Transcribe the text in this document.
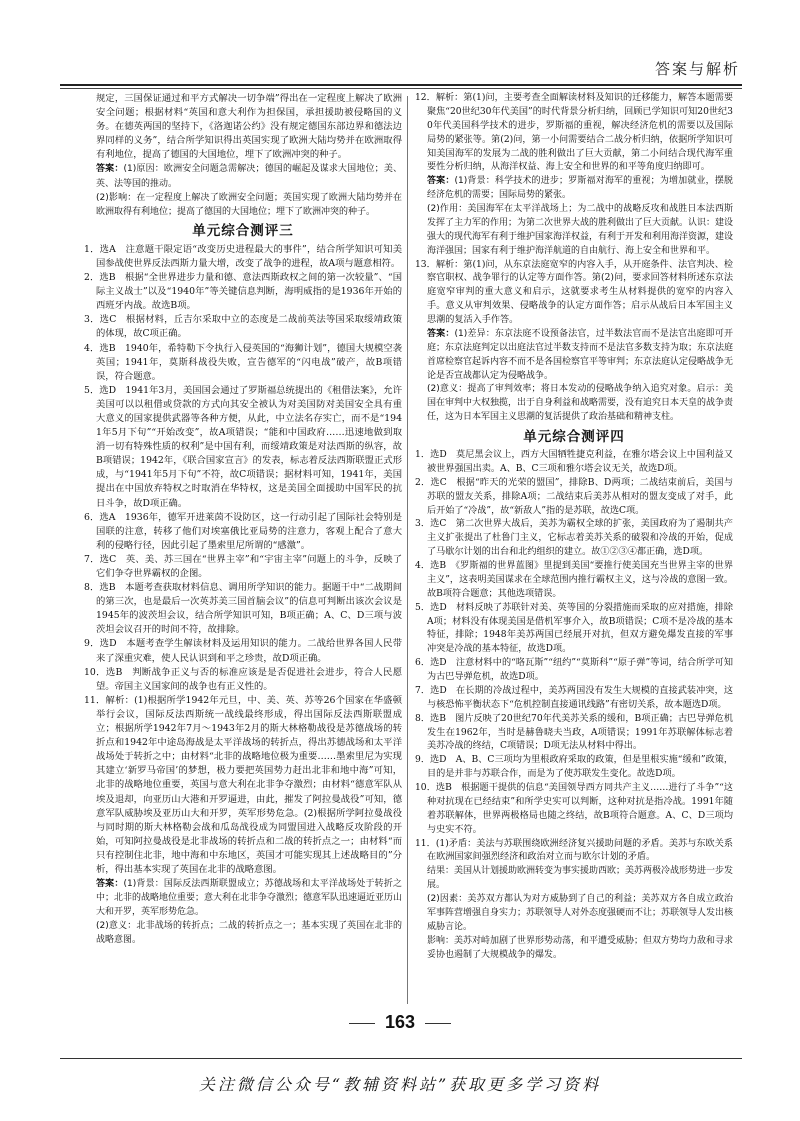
答案与解析

规定，三国保证通过和平方式解决一切争端”得出在一定程度上解决了欧洲安全问题；根据材料“英国和意大利作为担保国，承担援助被侵略国的义务。在德英两国的坚持下，《洛迦诺公约》没有规定德国东部边界和德法边界同样的义务”，结合所学知识得出英国实现了欧洲大陆均势并在欧洲取得有利地位，提高了德国的大国地位，埋下了欧洲冲突的种子。

答案：(1)原因：欧洲安全问题急需解决；德国的崛起及谋求大国地位；美、英、法等国的推动。

(2)影响：在一定程度上解决了欧洲安全问题；英国实现了欧洲大陆均势并在欧洲取得有利地位；提高了德国的大国地位；埋下了欧洲冲突的种子。

单元综合测评三

1．选A　注意题干限定语“改变历史进程最大的事件”，结合所学知识可知美国参战使世界反法西斯力量大增，改变了战争的进程，故A项与题意相符。

2．选B　根据“全世界进步力量和德、意法西斯政权之间的第一次较量”、“国际主义战士”以及“1940年”等关键信息判断，海明威指的是1936年开始的西班牙内战。故选B项。

3．选C　根据材料，丘吉尔采取中立的态度是二战前英法等国采取绥靖政策的体现，故C项正确。

4．选B　1940年，希特勒下令执行入侵英国的“海狮计划”，德国大规模空袭英国；1941年，莫斯科战役失败，宣告德军的“闪电战”破产，故B项错误，符合题意。

5．选D　1941年3月，美国国会通过了罗斯福总统提出的《租借法案》，允许美国可以以租借或贷款的方式向其安全被认为对美国防对美国安全具有重大意义的国家提供武器等各种方便，从此，中立法名存实亡，而不是“1941年5月下旬”“开始改变”，故A项错误；“能和中国政府……迅速地做到取消一切有特殊性质的权利”是中国有利，而绥靖政策是对法西斯的纵容，故B项错误；1942年，《联合国家宣言》的发表，标志着反法西斯联盟正式形成，与“1941年5月下旬”不符，故C项错误；据材料可知，1941年，美国提出在中国放弃特权之时取消在华特权，这是美国全面援助中国军民的抗日斗争，故D项正确。

6．选A　1936年，德军开进莱茵不设防区，这一行动引起了国际社会特别是国联的注意，转移了他们对埃塞俄比亚局势的注意力，客观上配合了意大利的侵略行径，因此引起了墨索里尼所谓的“感激”。

7．选C　英、美、苏三国在“世界主宰”和“宇宙主宰”问题上的斗争，反映了它们争夺世界霸权的企图。

8．选B　本题考查获取材料信息、调用所学知识的能力。据题干中“二战期间的第三次，也是最后一次英苏美三国首脑会议”的信息可判断出该次会议是1945年的波茨坦会议，结合所学知识可知，B项正确；A、C、D三项与波茨坦会议召开的时间不符，故排除。

9．选D　本题考查学生解读材料及运用知识的能力。二战给世界各国人民带来了深重灾难，使人民认识到和平之珍贵，故D项正确。

10．选B　判断战争正义与否的标准应该是是否促进社会进步，符合人民愿望。帝国主义国家间的战争也有正义性的。

11．解析：(1)根据所学1942年元旦，中、美、英、苏等26个国家在华盛顿举行会议，国际反法西斯统一战线最终形成，得出国际反法西斯联盟成立；根据所学1942年7月～1943年2月的斯大林格勒战役是苏德战场的转折点和1942年中途岛海战是太平洋战场的转折点，得出苏德战场和太平洋战场处于转折之中；由材料“北非的战略地位极为重要……墨索里尼为实现其建立‘新罗马帝国’的梦想，极力要把英国势力赶出北非和地中海”可知，北非的战略地位重要，英国与意大利在北非争夺激烈；由材料“德意军队从埃及退却，向亚历山大港和开罗逼进，由此，摧发了阿拉曼战役”可知，德意军队威胁埃及亚历山大和开罗，英军形势危急。(2)根据所学阿拉曼战役与同时期的斯大林格勒会战和瓜岛战役成为同盟国进入战略反攻阶段的开始，可知阿拉曼战役是北非战场的转折点和二战的转折点之一；由材料“而只有控制住北非，地中海和中东地区，英国才可能实现其上述战略目的”分析，得出基本实现了英国在北非的战略意图。

答案：(1)背景：国际反法西斯联盟成立；苏德战场和太平洋战场处于转折之中；北非的战略地位重要；意大利在北非争夺激烈；德意军队迅速逼近亚历山大和开罗，英军形势危急。

(2)意义：北非战场的转折点；二战的转折点之一；基本实现了英国在北非的战略意图。

12．解析：第(1)问，主要考查全面解读材料及知识的迁移能力，解答本题需要聚焦“20世纪30年代美国”的时代背景分析归纳，回顾已学知识可知20世纪30年代美国科学技术的进步，罗斯福的重视，解决经济危机的需要以及国际局势的紧张等。第(2)问，第一小问需要结合二战分析归纳，依据所学知识可知美国海军的发展为二战的胜利做出了巨大贡献，第二小问结合现代海军重要性分析归纳，从海洋权益、海上安全和世界的和平等角度归纳即可。

答案：(1)背景：科学技术的进步；罗斯福对海军的重视；为增加就业，摆脱经济危机的需要；国际局势的紧张。

(2)作用：美国海军在太平洋战场上；为二战中的战略反攻和战胜日本法西斯发挥了主力军的作用；为第二次世界大战的胜利做出了巨大贡献。认识：建设强大的现代海军有利于维护国家海洋权益，有利于开发和利用海洋资源，建设海洋强国；国家有利于维护海洋航道的自由航行、海上安全和世界和平。

13．解析：第(1)问，从东京法庭宽窄的内容入手，从开庭条件、法官判决、检察官职权、战争罪行的认定等方面作答。第(2)问，要求回答材料所述东京法庭宽窄审判的重大意义和启示，这就要求考生从材料提供的宽窄的内容入手。意义从审判效果、侵略战争的认定方面作答；启示从战后日本军国主义思潮的复活入手作答。

答案：(1)差异：东京法庭不设预备法官，过半数法官而不是法官出庭即可开庭；东京法庭判定以出庭法官过半数支持而不是法官多数支持为取；东京法庭首席检察官起诉内容不而不是各国检察官平等审判；东京法庭认定侵略战争无论是否宣战都认定为侵略战争。

(2)意义：提高了审判效率；将日本发动的侵略战争纳入追究对象。启示：美国在审判中大权独揽，出于自身利益和战略需要，没有追究日本天皇的战争责任，这为日本军国主义思潮的复活提供了政治基础和精神支柱。

单元综合测评四

1．选D　莫尼黑会议上，西方大国牺牲捷克利益，在雅尔塔会议上中国利益又被世界强国出卖。A、B、C三项和雅尔塔会议无关，故选D项。

2．选C　根据“昨天的光荣的盟国”，排除B、D两项；二战结束前后，美国与苏联的盟友关系，排除A项；二战结束后美苏从相对的盟友变成了对手，此后开始了“冷战”，故“新敌人”指的是苏联，故选C项。

3．选C　第二次世界大战后，美苏为霸权全球的扩张，美国政府为了遏制共产主义扩张提出了杜鲁门主义，它标志着美苏关系的破裂和冷战的开始，促成了马歇尔计划的出台和北约组织的建立。故①②③④都正确，选D项。

4．选B　《罗斯福的世界蓝图》里提到美国“要推行使美国充当世界主宰的世界主义”，这表明美国谋求在全球范围内推行霸权主义，这与冷战的意图一致。故B项符合题意；其他选项错误。

5．选D　材料反映了苏联针对美、英等国的分裂措施而采取的应对措施，排除A项；材料没有体现美国是借机军事介入，故B项错误；C项不是冷战的基本特征，排除；1948年美苏两国已经展开对抗，但双方避免爆发直接的军事冲突是冷战的基本特征，故选D项。

6．选D　注意材料中的“咯瓦斯”“纽约”“莫斯科”“原子弹”等词，结合所学可知为古巴导弹危机，故选D项。

7．选D　在长期的冷战过程中，美苏两国没有发生大规模的直接武装冲突，这与核恐怖平衡状态下“危机控制直接通讯线路”有密切关系，故本题选D项。

8．选B　图片反映了20世纪70年代美苏关系的缓和，B项正确；古巴导弹危机发生在1962年，当时是赫鲁晓夫当政，A项错误；1991年苏联解体标志着美苏冷战的终结，C项错误；D项无法从材料中得出。

9．选D　A、B、C三项均为里根政府采取的政策，但是里根实施“缓和”政策，目的是并非与苏联合作，而是为了使苏联发生变化。故选D项。

10．选B　根据题干提供的信息“美国领导西方同共产主义……进行了斗争”“这种对抗现在已经结束”和所学史实可以判断，这种对抗是指冷战。1991年随着苏联解体，世界两极格局也随之终结，故B项符合题意。A、C、D三项均与史实不符。

11．(1)矛盾：美法与苏联围绕欧洲经济复兴援助问题的矛盾。美苏与东欧关系在欧洲国家间强烈经济和政治对立而与欧尔计划的矛盾。

结果：美国从计划援助欧洲转变为事实援助西欧；美苏两极冷战形势进一步发展。

(2)因素：美苏双方都认为对方威胁到了自己的利益；美苏双方各自成立政治军事阵营增强自身实力；苏联领导人对外态度强硬而不让；苏联领导人发出核威胁言论。

影响：美苏对峙加剧了世界形势动荡，和平遭受威胁；但双方势均力敌和寻求妥协也遏制了大规模战争的爆发。

163
关注微信公众号“教辅资料站”获取更多学习资料
